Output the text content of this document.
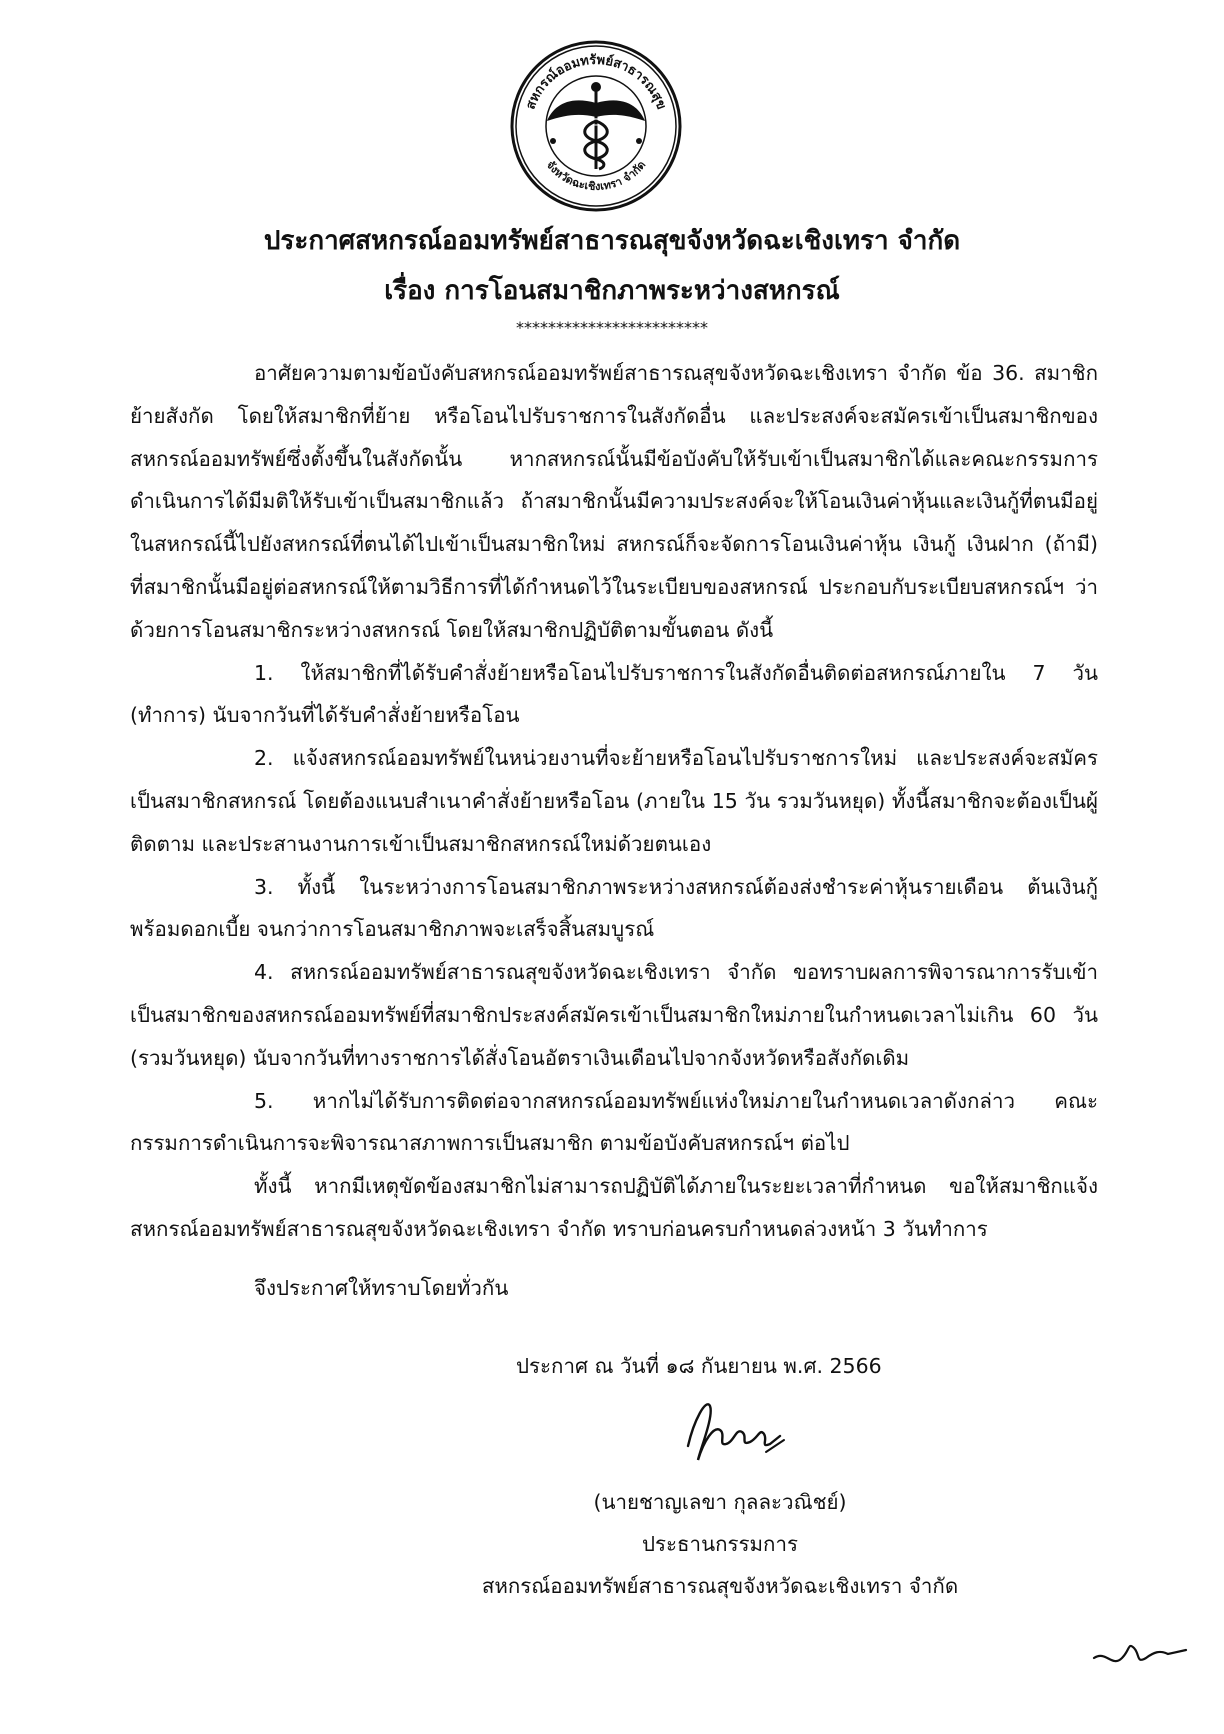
สหกรณ์ออมทรัพย์สาธารณสุข
จังหวัดฉะเชิงเทรา จำกัด
ประกาศสหกรณ์ออมทรัพย์สาธารณสุขจังหวัดฉะเชิงเทรา จำกัด
เรื่อง การโอนสมาชิกภาพระหว่างสหกรณ์
************************

อาศัยความตามข้อบังคับสหกรณ์ออมทรัพย์สาธารณสุขจังหวัดฉะเชิงเทรา จำกัด ข้อ 36. สมาชิกย้ายสังกัด โดยให้สมาชิกที่ย้าย หรือโอนไปรับราชการในสังกัดอื่น และประสงค์จะสมัครเข้าเป็นสมาชิกของสหกรณ์ออมทรัพย์ซึ่งตั้งขึ้นในสังกัดนั้น หากสหกรณ์นั้นมีข้อบังคับให้รับเข้าเป็นสมาชิกได้และคณะกรรมการดำเนินการได้มีมติให้รับเข้าเป็นสมาชิกแล้ว ถ้าสมาชิกนั้นมีความประสงค์จะให้โอนเงินค่าหุ้นและเงินกู้ที่ตนมีอยู่ในสหกรณ์นี้ไปยังสหกรณ์ที่ตนได้ไปเข้าเป็นสมาชิกใหม่ สหกรณ์ก็จะจัดการโอนเงินค่าหุ้น เงินกู้ เงินฝาก (ถ้ามี) ที่สมาชิกนั้นมีอยู่ต่อสหกรณ์ให้ตามวิธีการที่ได้กำหนดไว้ในระเบียบของสหกรณ์ ประกอบกับระเบียบสหกรณ์ฯ ว่าด้วยการโอนสมาชิกระหว่างสหกรณ์ โดยให้สมาชิกปฏิบัติตามขั้นตอน ดังนี้

1. ให้สมาชิกที่ได้รับคำสั่งย้ายหรือโอนไปรับราชการในสังกัดอื่นติดต่อสหกรณ์ภายใน 7 วัน (ทำการ) นับจากวันที่ได้รับคำสั่งย้ายหรือโอน

2. แจ้งสหกรณ์ออมทรัพย์ในหน่วยงานที่จะย้ายหรือโอนไปรับราชการใหม่ และประสงค์จะสมัครเป็นสมาชิกสหกรณ์ โดยต้องแนบสำเนาคำสั่งย้ายหรือโอน (ภายใน 15 วัน รวมวันหยุด) ทั้งนี้สมาชิกจะต้องเป็นผู้ติดตาม และประสานงานการเข้าเป็นสมาชิกสหกรณ์ใหม่ด้วยตนเอง

3. ทั้งนี้ ในระหว่างการโอนสมาชิกภาพระหว่างสหกรณ์ต้องส่งชำระค่าหุ้นรายเดือน ต้นเงินกู้ พร้อมดอกเบี้ย จนกว่าการโอนสมาชิกภาพจะเสร็จสิ้นสมบูรณ์

4. สหกรณ์ออมทรัพย์สาธารณสุขจังหวัดฉะเชิงเทรา จำกัด ขอทราบผลการพิจารณาการรับเข้าเป็นสมาชิกของสหกรณ์ออมทรัพย์ที่สมาชิกประสงค์สมัครเข้าเป็นสมาชิกใหม่ภายในกำหนดเวลาไม่เกิน 60 วัน (รวมวันหยุด) นับจากวันที่ทางราชการได้สั่งโอนอัตราเงินเดือนไปจากจังหวัดหรือสังกัดเดิม

5. หากไม่ได้รับการติดต่อจากสหกรณ์ออมทรัพย์แห่งใหม่ภายในกำหนดเวลาดังกล่าว คณะกรรมการดำเนินการจะพิจารณาสภาพการเป็นสมาชิก ตามข้อบังคับสหกรณ์ฯ ต่อไป

ทั้งนี้ หากมีเหตุขัดข้องสมาชิกไม่สามารถปฏิบัติได้ภายในระยะเวลาที่กำหนด ขอให้สมาชิกแจ้งสหกรณ์ออมทรัพย์สาธารณสุขจังหวัดฉะเชิงเทรา จำกัด ทราบก่อนครบกำหนดล่วงหน้า 3 วันทำการ

จึงประกาศให้ทราบโดยทั่วกัน

ประกาศ ณ วันที่ ๑๘ กันยายน พ.ศ. 2566
(นายชาญเลขา กุลละวณิชย์)
ประธานกรรมการ
สหกรณ์ออมทรัพย์สาธารณสุขจังหวัดฉะเชิงเทรา จำกัด
